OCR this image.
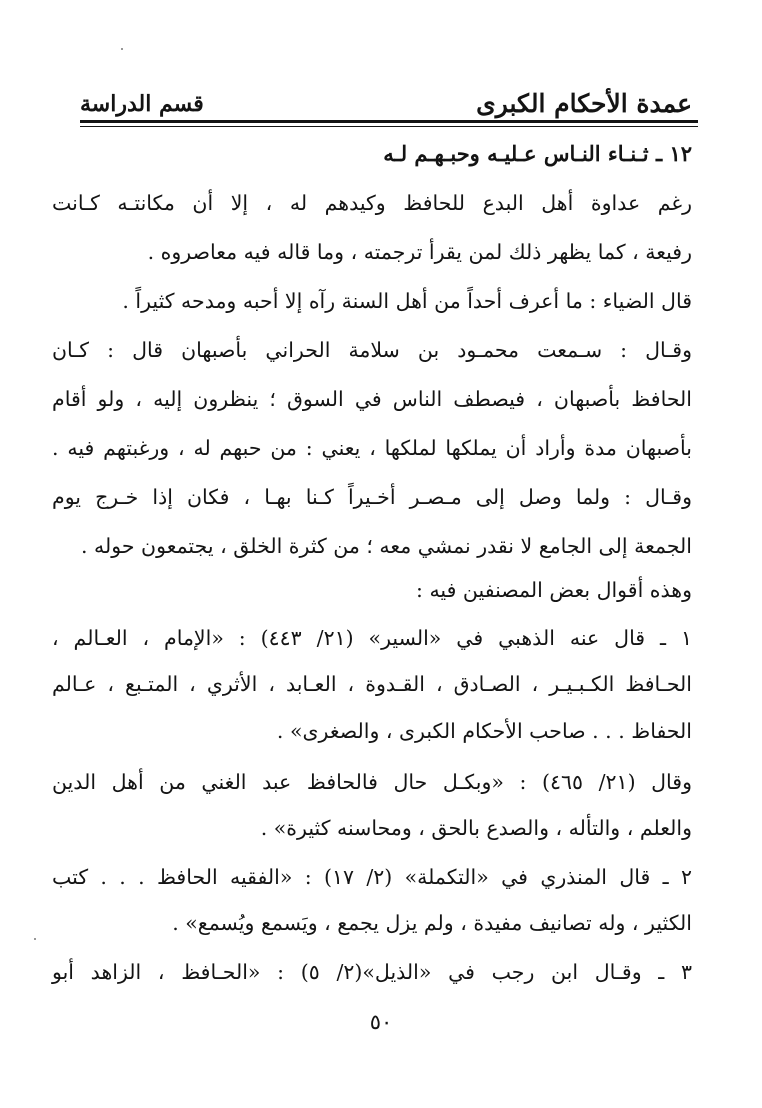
عمدة الأحكام الكبرى
قسم الدراسة
١٢ ـ ثـنـاء النـاس عـليـه وحبـهـم لـه
رغم عداوة أهل البدع للحافظ وكيدهم له ، إلا أن مكانتـه كـانت
رفيعة ، كما يظهر ذلك لمن يقرأ ترجمته ، وما قاله فيه معاصروه .
قال الضياء : ما أعرف أحداً من أهل السنة رآه إلا أحبه ومدحه كثيراً .
وقـال : سـمعت محمـود بن سلامة الحراني بأصبهان قال : كـان
الحافظ بأصبهان ، فيصطف الناس في السوق ؛ ينظرون إليه ، ولو أقام
بأصبهان مدة وأراد أن يملكها لملكها ، يعني : من حبهم له ، ورغبتهم فيه .
وقـال : ولما وصل إلى مـصـر أخـيراً كـنا بهـا ، فكان إذا خـرج يوم
الجمعة إلى الجامع لا نقدر نمشي معه ؛ من كثرة الخلق ، يجتمعون حوله .
وهذه أقوال بعض المصنفين فيه :
١ ـ قال عنه الذهبي في «السير» (٢١/ ٤٤٣) : «الإمام ، العـالم ،
الحـافظ الكـبـيـر ، الصـادق ، القـدوة ، العـابد ، الأثري ، المتـبع ، عـالم
الحفاظ . . . صاحب الأحكام الكبرى ، والصغرى» .
وقال (٢١/ ٤٦٥) : «وبكـل حال فالحافظ عبد الغني من أهل الدين
والعلم ، والتأله ، والصدع بالحق ، ومحاسنه كثيرة» .
٢ ـ قال المنذري في «التكملة» (٢/ ١٧) : «الفقيه الحافظ . . . كتب
الكثير ، وله تصانيف مفيدة ، ولم يزل يجمع ، ويَسمع ويُسمع» .
٣ ـ وقـال ابن رجب في «الذيل»(٢/ ٥) : «الحـافظ ، الزاهد أبو
٥٠
